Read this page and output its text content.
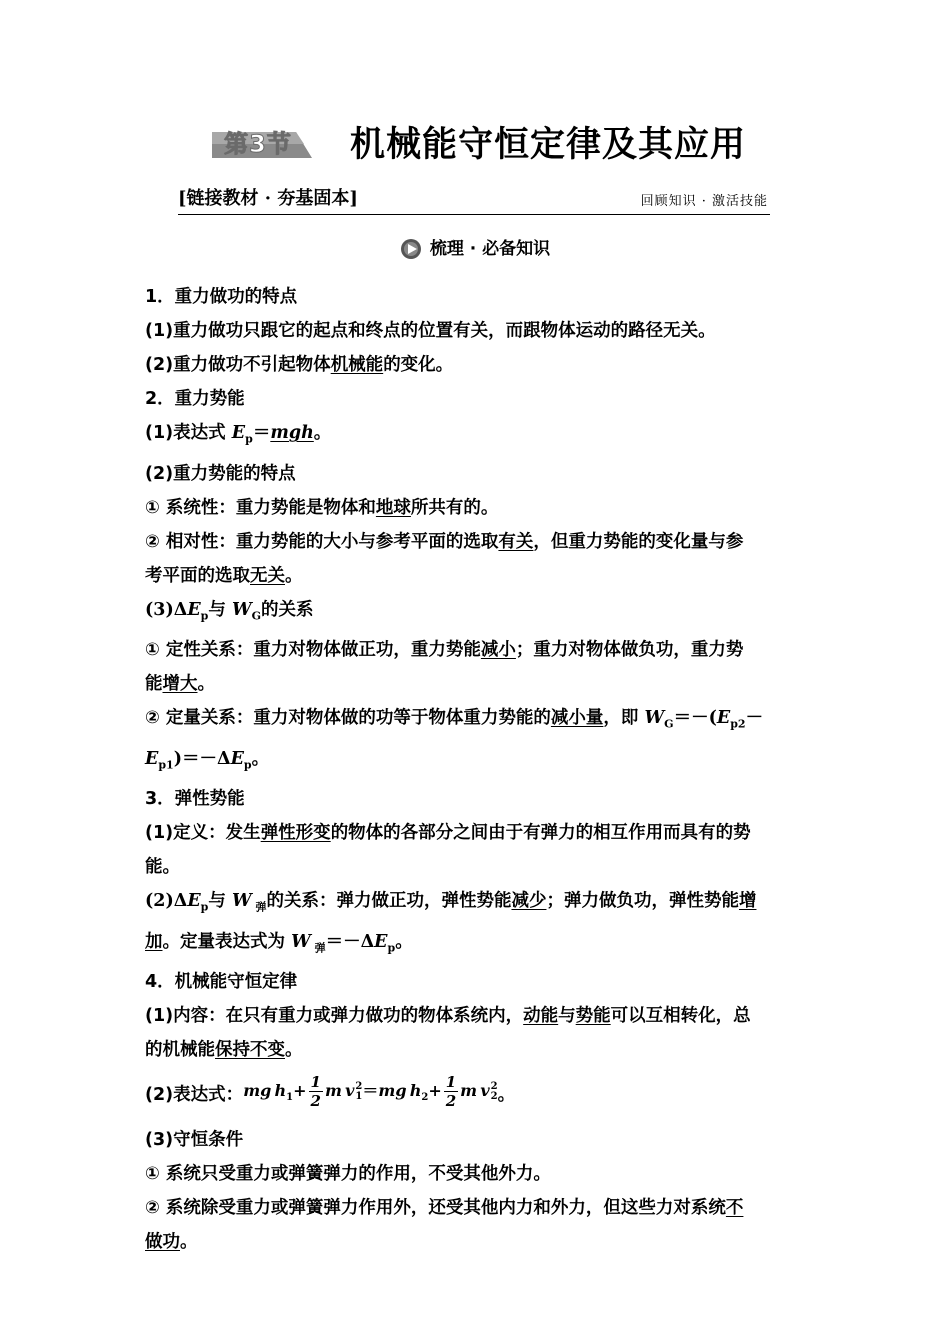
第3节	机械能守恒定律及其应用
[链接教材 · 夯基固本]	回顾知识 · 激活技能
梳理 · 必备知识
1．重力做功的特点
(1)重力做功只跟它的起点和终点的位置有关，而跟物体运动的路径无关。
(2)重力做功不引起物体机械能的变化。
2．重力势能
(1)表达式 $E_p=mgh$。
(2)重力势能的特点
① 系统性：重力势能是物体和地球所共有的。
② 相对性：重力势能的大小与参考平面的选取有关，但重力势能的变化量与参
考平面的选取无关。
$(3)\Delta E_p$与 $W_G$的关系
① 定性关系：重力对物体做正功，重力势能减小；重力对物体做负功，重力势
能增大。
② 定量关系：重力对物体做的功等于物体重力势能的减小量，即 $W_G=-(E_{p2}-$
$E_{p1})=-\Delta E_p$。
3．弹性势能
(1)定义：发生弹性形变的物体的各部分之间由于有弹力的相互作用而具有的势
能。
$(2)\Delta E_p$与 W $_弹$的关系：弹力做正功，弹性势能减少；弹力做负功，弹性势能增
加。定量表达式为 W $_弹=-\Delta E_p$。
4．机械能守恒定律
(1)内容：在只有重力或弹力做功的物体系统内，动能与势能可以互相转化，总
的机械能保持不变。
(2)表达式： mg  $h_1+ \frac{1}{2}$ m  v 2
1 ＝mg  $h_2+ \frac{1}{2}$ m  v 2
2 。
(3)守恒条件
① 系统只受重力或弹簧弹力的作用，不受其他外力。
② 系统除受重力或弹簧弹力作用外，还受其他内力和外力，但这些力对系统不
做功。
